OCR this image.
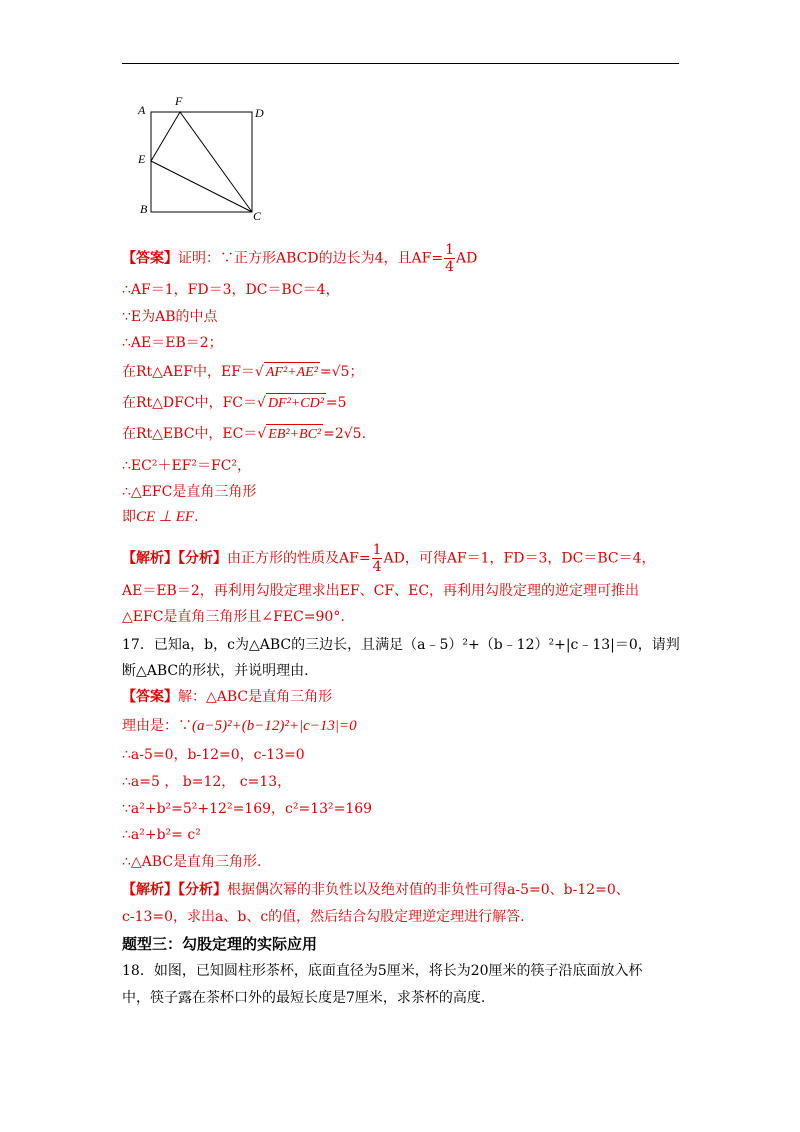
A
F
D
E
B	C
【答案】证明：∵正方形ABCD的边长为4，且$AF= \frac{1}{4}$ AD
∴AF＝1，FD＝3，DC＝BC＝4，
∵E为AB的中点
∴AE＝EB＝2；
在Rt△AEF中，EF＝√ AF²+AE² =√5；
在Rt△DFC中，FC＝√ DF²+CD² =5
在Rt△EBC中，EC＝√ EB²+BC² =2√5.
∴EC²＋EF²＝FC²，
∴△EFC是直角三角形
即CE ⊥ EF.
【解析】【分析】由正方形的性质及$AF= \frac{1}{4}$ AD，可得AF＝1，FD＝3，DC＝BC＝4，
AE＝EB＝2，再利用勾股定理求出EF、CF、EC，再利用勾股定理的逆定理可推出
△EFC是直角三角形且∠FEC=90°.
17．已知a，b，c为△ABC的三边长，且满足（a﹣5）²+（b﹣12）²+|c﹣13|＝0，请判
断△ABC的形状，并说明理由.
【答案】解：△ABC是直角三角形
理由是：∵(a−5)²+(b−12)²+|c−13|=0
∴a-5=0，b-12=0，c-13=0
∴a=5 ， b=12， c=13，
∵a²+b²=5²+12²=169，c²=13²=169
∴a²+b²= c²
∴△ABC是直角三角形.
【解析】【分析】根据偶次幂的非负性以及绝对值的非负性可得a-5=0、b-12=0、
c-13=0，求出a、b、c的值，然后结合勾股定理逆定理进行解答.
题型三：勾股定理的实际应用
18．如图，已知圆柱形茶杯，底面直径为5厘米，将长为20厘米的筷子沿底面放入杯
中，筷子露在茶杯口外的最短长度是7厘米，求茶杯的高度.
